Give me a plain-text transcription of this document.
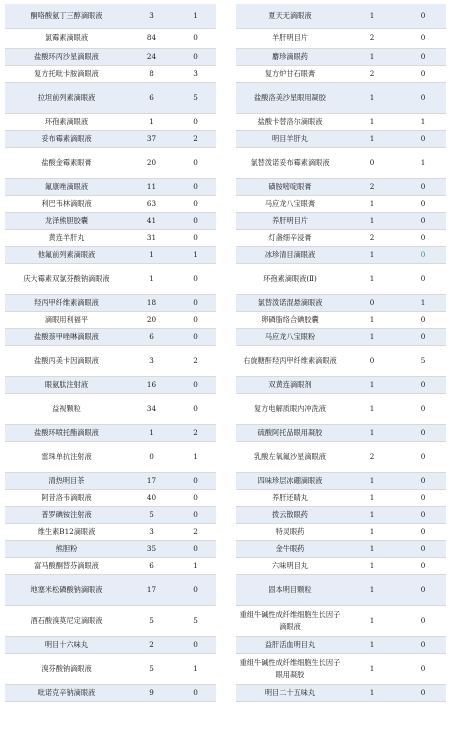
酮咯酸氨丁三醇滴眼液	3	1
氯霉素滴眼液	84	0
盐酸环丙沙星滴眼液	24	0
复方托吡卡胺滴眼液	8	3
拉坦前列素滴眼液	6	5
环孢素滴眼液	1	0
妥布霉素滴眼液	37	2
盐酸金霉素眼膏	20	0
氟康唑滴眼液	11	0
利巴韦林滴眼液	63	0
龙泽熊胆胶囊	41	0
黄连羊肝丸	31	0
他氟前列素滴眼液	1	1
庆大霉素双氯芬酸钠滴眼液	1	0
羟丙甲纤维素滴眼液	18	0
滴眼用利福平	20	0
盐酸萘甲唑啉滴眼液	6	0
盐酸丙美卡因滴眼液	3	2
眼氨肽注射液	16	0
益视颗粒	34	0
盐酸环喷托酯滴眼液	1	2
雷珠单抗注射液	0	1
清热明目茶	17	0
阿昔洛韦滴眼液	40	0
普罗碘铵注射液	5	0
维生素B12滴眼液	3	2
熊胆粉	35	0
富马酸酮替芬滴眼液	6	1
地塞米松磷酸钠滴眼液	17	0
酒石酸溴莫尼定滴眼液	5	5
明目十六味丸	2	0
溴芬酸钠滴眼液	5	1
吡诺克辛钠滴眼液	9	0
夏天无滴眼液	1	0
羊肝明目片	2	0
麝珍滴眼药	1	0
复方炉甘石眼膏	2	0
盐酸洛美沙星眼用凝胶	1	0
盐酸卡替洛尔滴眼液	1	1
明目羊肝丸	1	0
氯替泼诺妥布霉素滴眼液	0	1
磺胺嘧啶眼膏	2	0
马应龙八宝眼膏	1	0
养肝明目片	1	0
灯盏细辛浸膏	2	0
冰珍清目滴眼液	1	0
环孢素滴眼液(Ⅱ)	1	0
氯替泼诺混悬滴眼液	0	1
卵磷脂络合碘胶囊	1	0
马应龙八宝眼粉	1	0
右旋糖酐羟丙甲纤维素滴眼液	0	5
双黄连滴眼剂	1	0
复方电解质眼内冲洗液	1	0
硫酸阿托品眼用凝胶	1	0
乳酸左氧氟沙星滴眼液	2	0
四味珍层冰硼滴眼液	1	0
养肝还睛丸	1	0
拨云散眼药	1	0
特灵眼药	1	0
金牛眼药	1	0
六味明目丸	1	0
固本明目颗粒	1	0
重组牛碱性成纤维细胞生长因子滴眼液	1	0
益肝活血明目丸	1	0
重组牛碱性成纤维细胞生长因子眼用凝胶	1	0
明目二十五味丸	1	0
